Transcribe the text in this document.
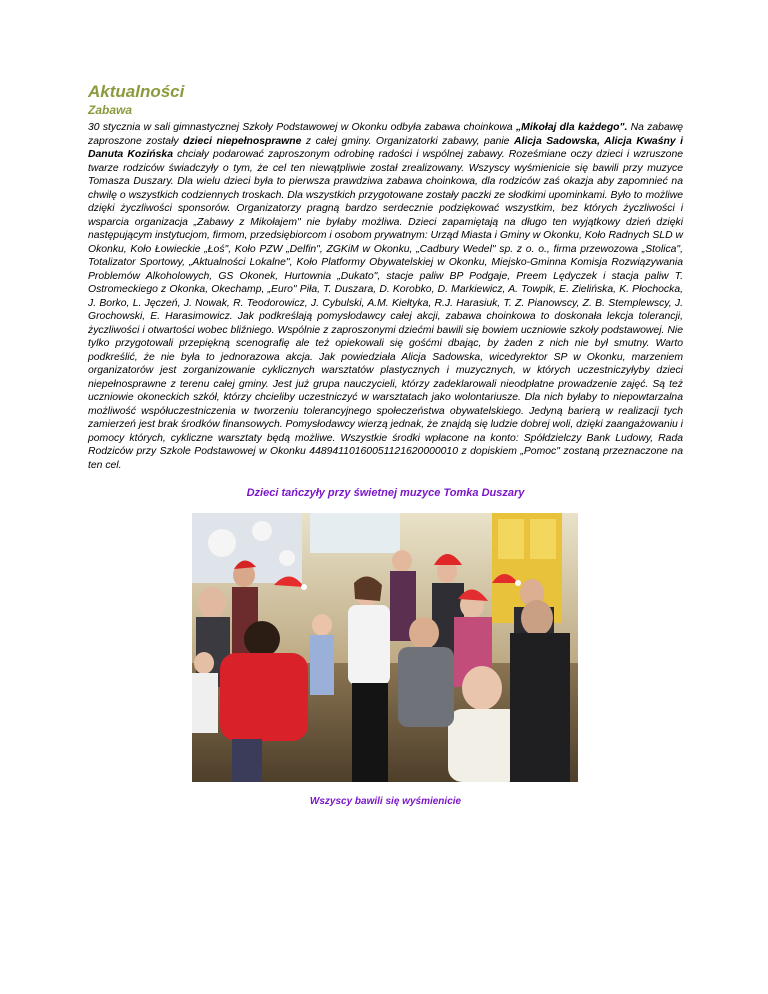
Aktualności
Zabawa

30 stycznia w sali gimnastycznej Szkoły Podstawowej w Okonku odbyła zabawa choinkowa „Mikołaj dla każdego". Na zabawę zaproszone zostały dzieci niepełnosprawne z całej gminy. Organizatorki zabawy, panie Alicja Sadowska, Alicja Kwaśny i Danuta Kozińska chciały podarować zaproszonym odrobinę radości i wspólnej zabawy. Roześmiane oczy dzieci i wzruszone twarze rodziców świadczyły o tym, że cel ten niewątpliwie został zrealizowany. Wszyscy wyśmienicie się bawili przy muzyce Tomasza Duszary. Dla wielu dzieci była to pierwsza prawdziwa zabawa choinkowa, dla rodziców zaś okazja aby zapomnieć na chwilę o wszystkich codziennych troskach. Dla wszystkich przygotowane zostały paczki ze słodkimi upominkami. Było to możliwe dzięki życzliwości sponsorów. Organizatorzy pragną bardzo serdecznie podziękować wszystkim, bez których życzliwości i wsparcia organizacja „Zabawy z Mikołajem" nie byłaby możliwa. Dzieci zapamiętają na długo ten wyjątkowy dzień dzięki następującym instytucjom, firmom, przedsiębiorcom i osobom prywatnym: Urząd Miasta i Gminy w Okonku, Koło Radnych SLD w Okonku, Koło Łowieckie „Łoś", Koło PZW „Delfin", ZGKiM w Okonku, „Cadbury Wedel" sp. z o. o., firma przewozowa „Stolica", Totalizator Sportowy, „Aktualności Lokalne", Koło Platformy Obywatelskiej w Okonku, Miejsko-Gminna Komisja Rozwiązywania Problemów Alkoholowych, GS Okonek, Hurtownia „Dukato", stacje paliw BP Podgaje, Preem Lędyczek i stacja paliw T. Ostromeckiego z Okonka, Okechamp, „Euro" Piła, T. Duszara, D. Korobko, D. Markiewicz, A. Towpik, E. Zielińska, K. Płochocka, J. Borko, L. Jęczeń, J. Nowak, R. Teodorowicz, J. Cybulski, A.M. Kiełtyka, R.J. Harasiuk, T. Z. Pianowscy, Z. B. Stemplewscy, J. Grochowski, E. Harasimowicz. Jak podkreślają pomysłodawcy całej akcji, zabawa choinkowa to doskonała lekcja tolerancji, życzliwości i otwartości wobec bliźniego. Wspólnie z zaproszonymi dziećmi bawili się bowiem uczniowie szkoły podstawowej. Nie tylko przygotowali przepiękną scenografię ale też opiekowali się gośćmi dbając, by żaden z nich nie był smutny. Warto podkreślić, że nie była to jednorazowa akcja. Jak powiedziała Alicja Sadowska, wicedyrektor SP w Okonku, marzeniem organizatorów jest zorganizowanie cyklicznych warsztatów plastycznych i muzycznych, w których uczestniczyłyby dzieci niepełnosprawne z terenu całej gminy. Jest już grupa nauczycieli, którzy zadeklarowali nieodpłatne prowadzenie zajęć. Są też uczniowie okoneckich szkół, którzy chcieliby uczestniczyć w warsztatach jako wolontariusze. Dla nich byłaby to niepowtarzalna możliwość współuczestniczenia w tworzeniu tolerancyjnego społeczeństwa obywatelskiego. Jedyną barierą w realizacji tych zamierzeń jest brak środków finansowych. Pomysłodawcy wierzą jednak, że znajdą się ludzie dobrej woli, dzięki zaangażowaniu i pomocy których, cykliczne warsztaty będą możliwe. Wszystkie środki wpłacone na konto: Spółdzielczy Bank Ludowy, Rada Rodziców przy Szkole Podstawowej w Okonku 44894110160051121620000010 z dopiskiem „Pomoc" zostaną przeznaczone na ten cel.

Dzieci tańczyły przy świetnej muzyce Tomka Duszary
Wszyscy bawili się wyśmienicie
